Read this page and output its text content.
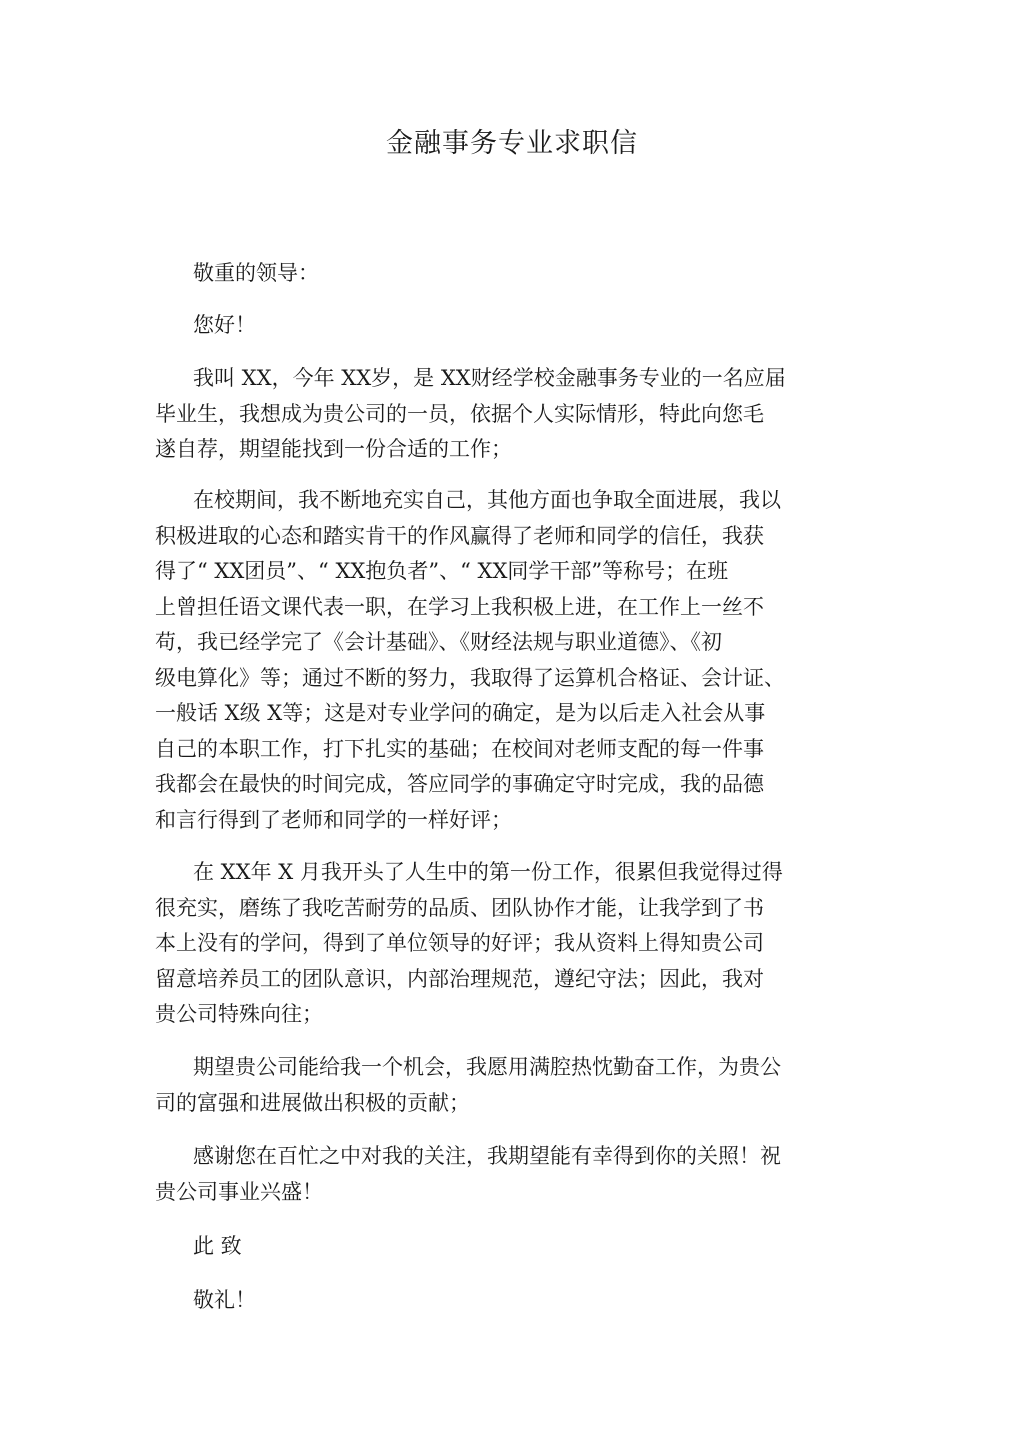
金融事务专业求职信
敬重的领导：
您好！
我叫 XX，今年 XX岁，是 XX财经学校金融事务专业的一名应届
毕业生，我想成为贵公司的一员，依据个人实际情形，特此向您毛
遂自荐，期望能找到一份合适的工作；
在校期间，我不断地充实自己，其他方面也争取全面进展，我以
积极进取的心态和踏实肯干的作风赢得了老师和同学的信任，我获
得了“ XX团员”、“ XX抱负者”、“ XX同学干部”等称号；在班
上曾担任语文课代表一职，在学习上我积极上进，在工作上一丝不
苟，我已经学完了《会计基础》、《财经法规与职业道德》、《初
级电算化》等；通过不断的努力，我取得了运算机合格证、会计证、
一般话 X级 X等；这是对专业学问的确定，是为以后走入社会从事
自己的本职工作，打下扎实的基础；在校间对老师支配的每一件事
我都会在最快的时间完成，答应同学的事确定守时完成，我的品德
和言行得到了老师和同学的一样好评；
在 XX年 X 月我开头了人生中的第一份工作，很累但我觉得过得
很充实，磨练了我吃苦耐劳的品质、团队协作才能，让我学到了书
本上没有的学问，得到了单位领导的好评；我从资料上得知贵公司
留意培养员工的团队意识，内部治理规范，遵纪守法；因此，我对
贵公司特殊向往；
期望贵公司能给我一个机会，我愿用满腔热忱勤奋工作，为贵公
司的富强和进展做出积极的贡献；
感谢您在百忙之中对我的关注，我期望能有幸得到你的关照！祝
贵公司事业兴盛！
此 致
敬礼！
